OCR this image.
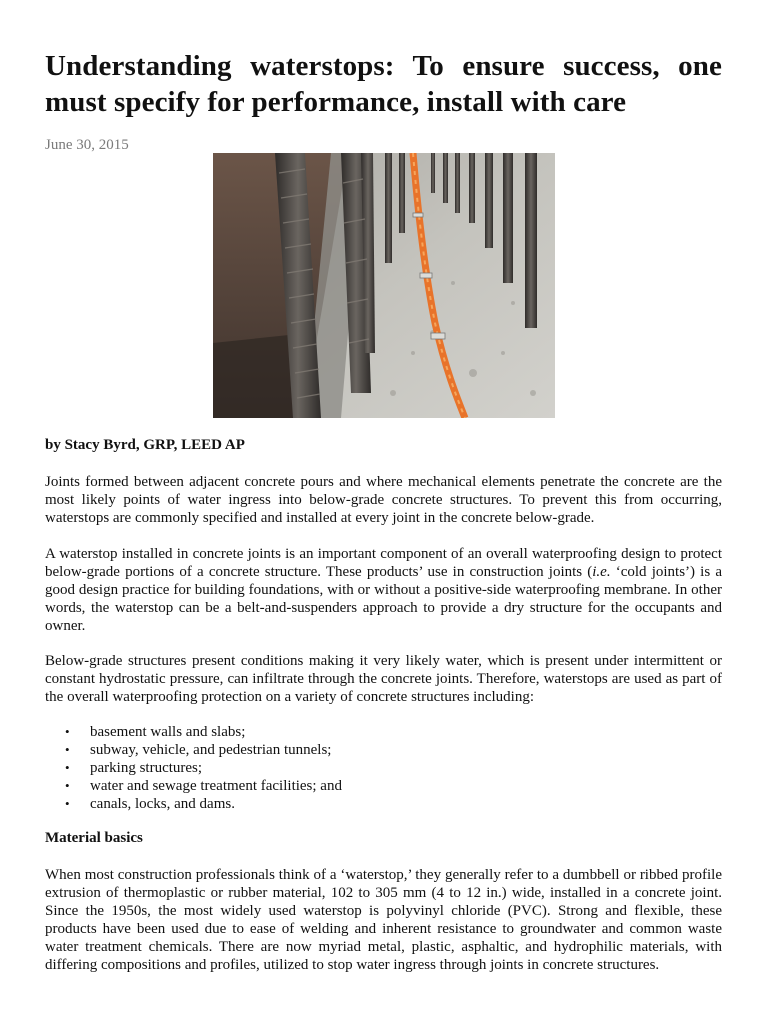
Understanding waterstops: To ensure success, one must specify for performance, install with care
June 30, 2015
by Stacy Byrd, GRP, LEED AP

Joints formed between adjacent concrete pours and where mechanical elements penetrate the concrete are the most likely points of water ingress into below-grade concrete structures. To prevent this from occurring, waterstops are commonly specified and installed at every joint in the concrete below-grade.

A waterstop installed in concrete joints is an important component of an overall waterproofing design to protect below-grade portions of a concrete structure. These products’ use in construction joints (i.e. ‘cold joints’) is a good design practice for building foundations, with or without a positive-side waterproofing membrane. In other words, the waterstop can be a belt-and-suspenders approach to provide a dry structure for the occupants and owner.

Below-grade structures present conditions making it very likely water, which is present under intermittent or constant hydrostatic pressure, can infiltrate through the concrete joints. Therefore, waterstops are used as part of the overall waterproofing protection on a variety of concrete structures including:

• basement walls and slabs;
• subway, vehicle, and pedestrian tunnels;
• parking structures;
• water and sewage treatment facilities; and
• canals, locks, and dams.
Material basics

When most construction professionals think of a ‘waterstop,’ they generally refer to a dumbbell or ribbed profile extrusion of thermoplastic or rubber material, 102 to 305 mm (4 to 12 in.) wide, installed in a concrete joint. Since the 1950s, the most widely used waterstop is polyvinyl chloride (PVC). Strong and flexible, these products have been used due to ease of welding and inherent resistance to groundwater and common waste water treatment chemicals. There are now myriad metal, plastic, asphaltic, and hydrophilic materials, with differing compositions and profiles, utilized to stop water ingress through joints in concrete structures.
